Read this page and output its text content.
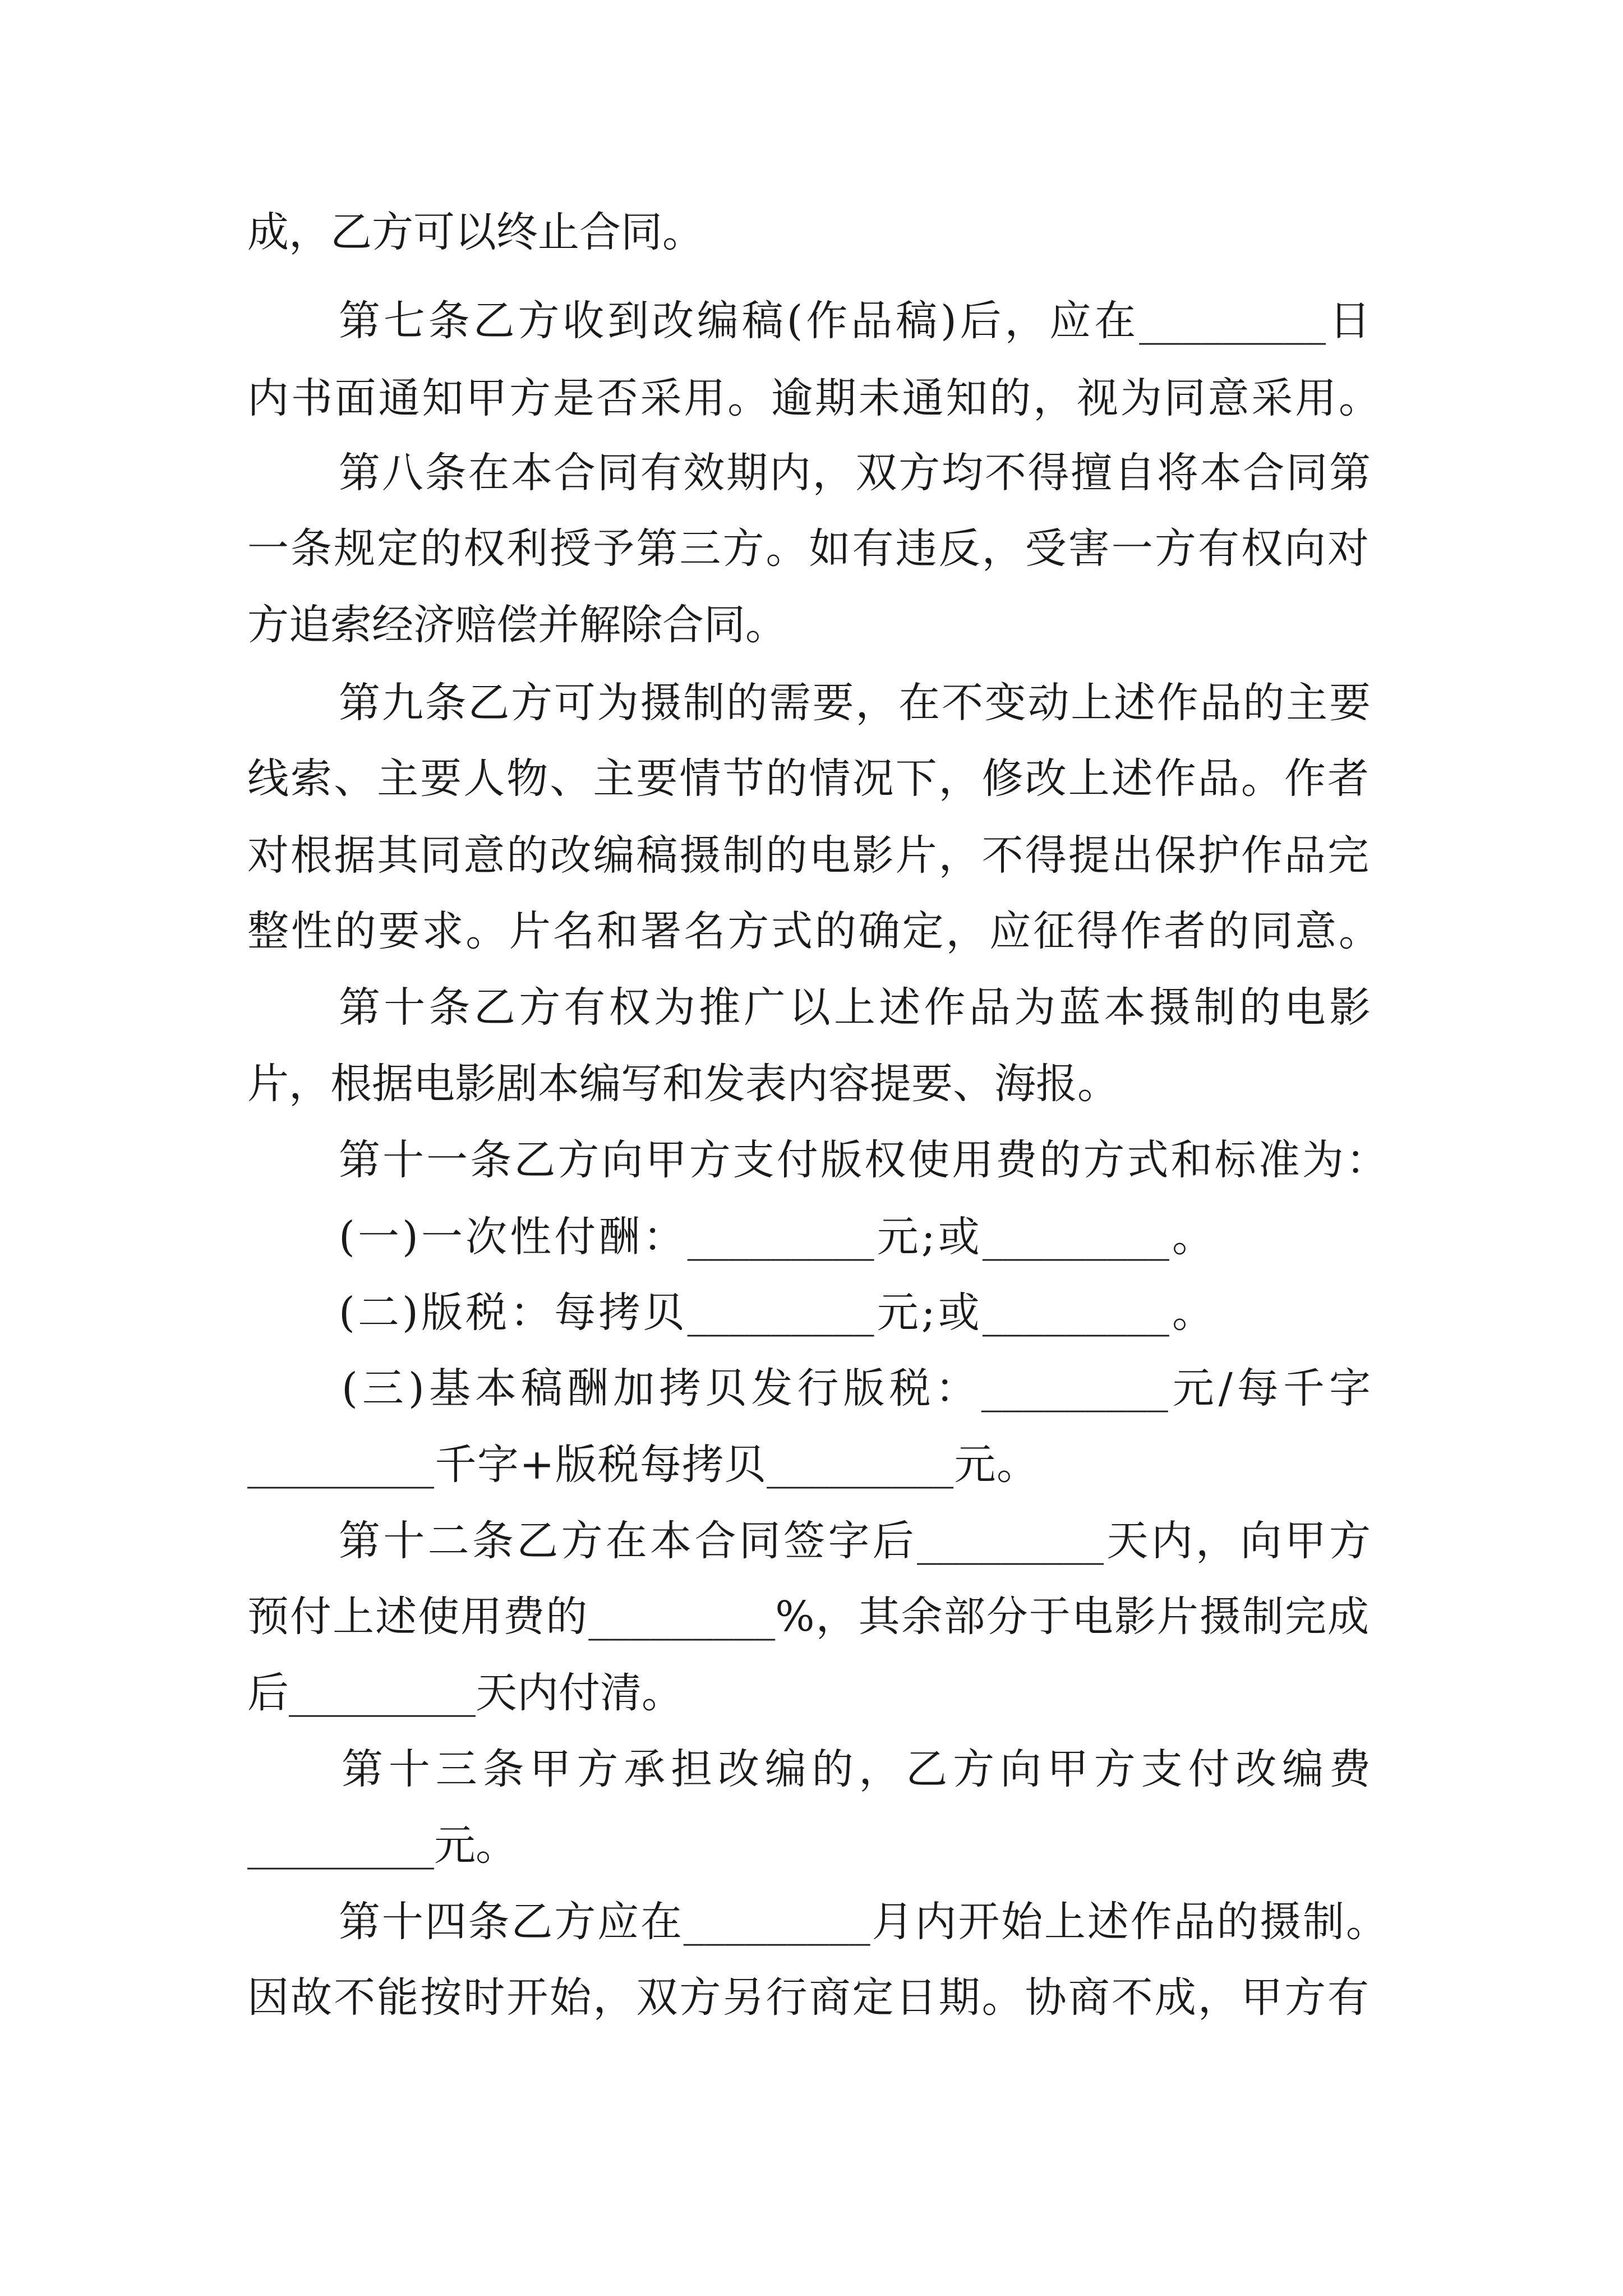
成，乙方可以终止合同。

第七条乙方收到改编稿(作品稿)后，应在_________日

内书面通知甲方是否采用。逾期未通知的，视为同意采用。

第八条在本合同有效期内，双方均不得擅自将本合同第

一条规定的权利授予第三方。如有违反，受害一方有权向对

方追索经济赔偿并解除合同。

第九条乙方可为摄制的需要，在不变动上述作品的主要

线索、主要人物、主要情节的情况下，修改上述作品。作者

对根据其同意的改编稿摄制的电影片，不得提出保护作品完

整性的要求。片名和署名方式的确定，应征得作者的同意。

第十条乙方有权为推广以上述作品为蓝本摄制的电影

片，根据电影剧本编写和发表内容提要、海报。

第十一条乙方向甲方支付版权使用费的方式和标准为：

(一)一次性付酬：_________元;或_________。

(二)版税：每拷贝_________元;或_________。

(三)基本稿酬加拷贝发行版税：_________元/每千字

_________千字+版税每拷贝_________元。

第十二条乙方在本合同签字后_________天内，向甲方

预付上述使用费的_________%，其余部分于电影片摄制完成

后_________天内付清。

第十三条甲方承担改编的，乙方向甲方支付改编费

_________元。

第十四条乙方应在_________月内开始上述作品的摄制。

因故不能按时开始，双方另行商定日期。协商不成，甲方有
